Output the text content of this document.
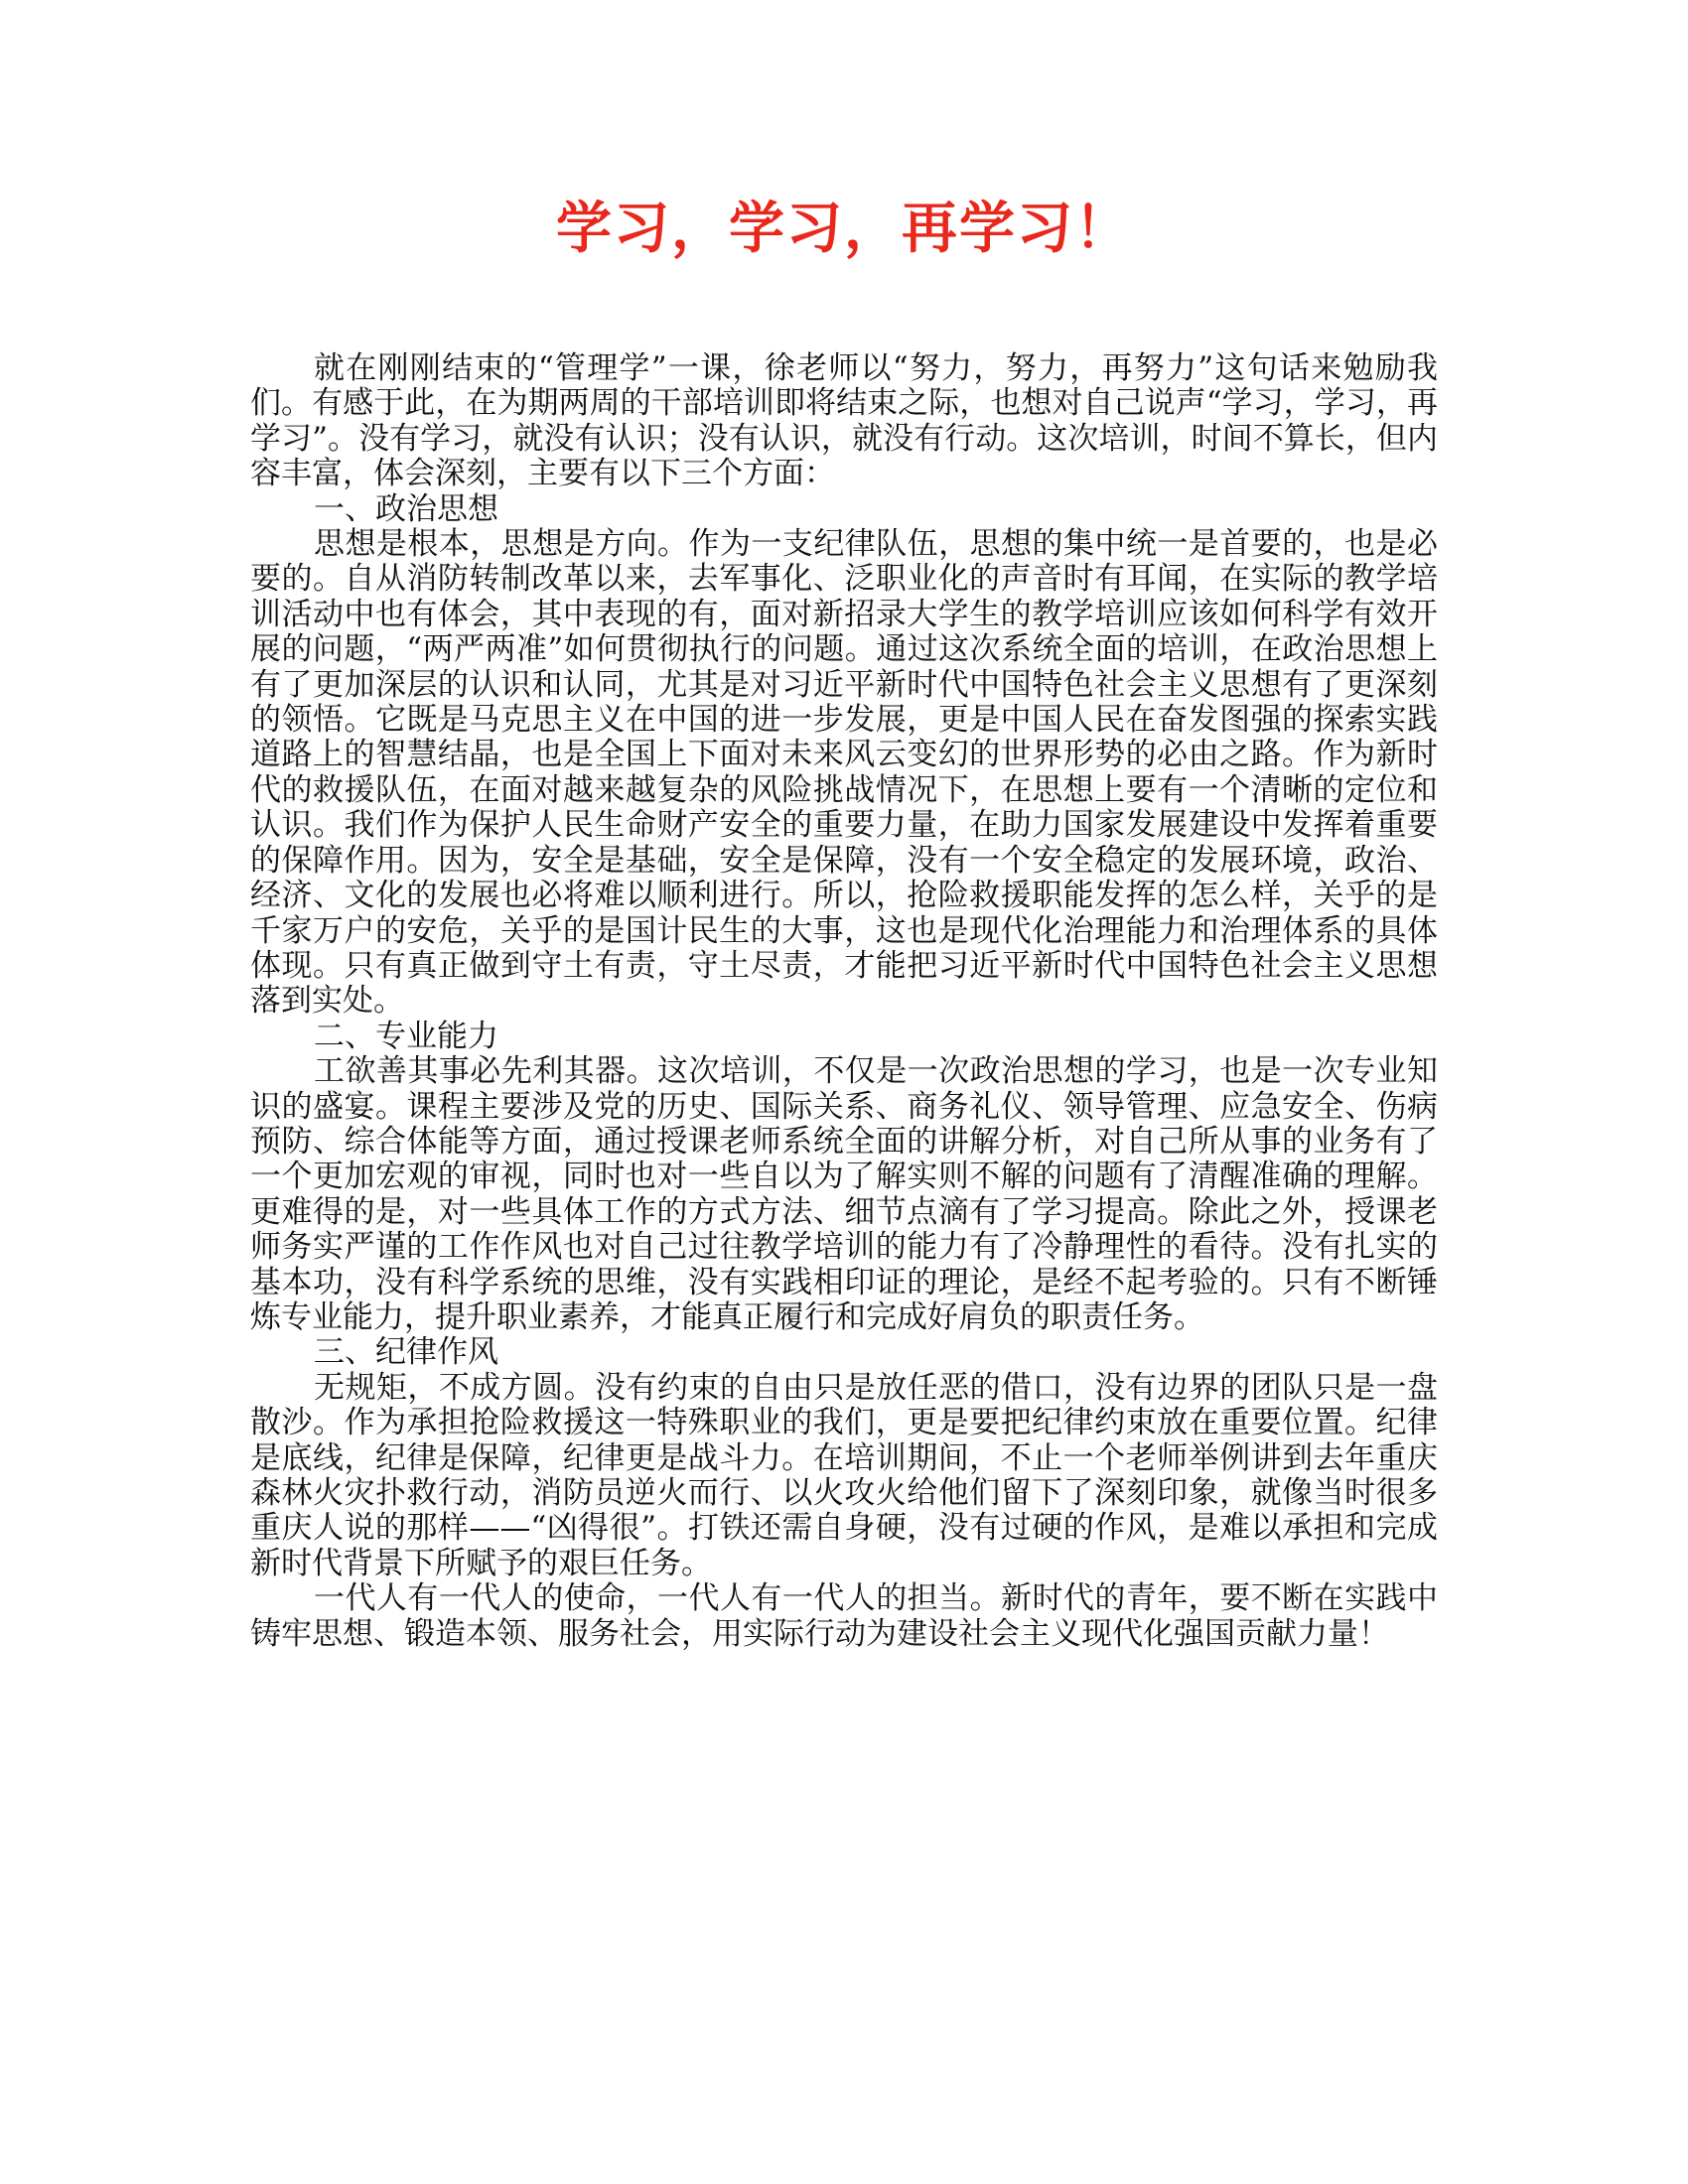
学习，学习，再学习！

就在刚刚结束的“管理学”一课，徐老师以“努力，努力，再努力”这句话来勉励我们。有感于此，在为期两周的干部培训即将结束之际，也想对自己说声“学习，学习，再学习”。没有学习，就没有认识；没有认识，就没有行动。这次培训，时间不算长，但内容丰富，体会深刻，主要有以下三个方面：

一、政治思想

思想是根本，思想是方向。作为一支纪律队伍，思想的集中统一是首要的，也是必要的。自从消防转制改革以来，去军事化、泛职业化的声音时有耳闻，在实际的教学培训活动中也有体会，其中表现的有，面对新招录大学生的教学培训应该如何科学有效开展的问题，“两严两准”如何贯彻执行的问题。通过这次系统全面的培训，在政治思想上有了更加深层的认识和认同，尤其是对习近平新时代中国特色社会主义思想有了更深刻的领悟。它既是马克思主义在中国的进一步发展，更是中国人民在奋发图强的探索实践道路上的智慧结晶，也是全国上下面对未来风云变幻的世界形势的必由之路。作为新时代的救援队伍，在面对越来越复杂的风险挑战情况下，在思想上要有一个清晰的定位和认识。我们作为保护人民生命财产安全的重要力量，在助力国家发展建设中发挥着重要的保障作用。因为，安全是基础，安全是保障，没有一个安全稳定的发展环境，政治、经济、文化的发展也必将难以顺利进行。所以，抢险救援职能发挥的怎么样，关乎的是千家万户的安危，关乎的是国计民生的大事，这也是现代化治理能力和治理体系的具体体现。只有真正做到守土有责，守土尽责，才能把习近平新时代中国特色社会主义思想落到实处。

二、专业能力

工欲善其事必先利其器。这次培训，不仅是一次政治思想的学习，也是一次专业知识的盛宴。课程主要涉及党的历史、国际关系、商务礼仪、领导管理、应急安全、伤病预防、综合体能等方面，通过授课老师系统全面的讲解分析，对自己所从事的业务有了一个更加宏观的审视，同时也对一些自以为了解实则不解的问题有了清醒准确的理解。更难得的是，对一些具体工作的方式方法、细节点滴有了学习提高。除此之外，授课老师务实严谨的工作作风也对自己过往教学培训的能力有了冷静理性的看待。没有扎实的基本功，没有科学系统的思维，没有实践相印证的理论，是经不起考验的。只有不断锤炼专业能力，提升职业素养，才能真正履行和完成好肩负的职责任务。

三、纪律作风

无规矩，不成方圆。没有约束的自由只是放任恶的借口，没有边界的团队只是一盘散沙。作为承担抢险救援这一特殊职业的我们，更是要把纪律约束放在重要位置。纪律是底线，纪律是保障，纪律更是战斗力。在培训期间，不止一个老师举例讲到去年重庆森林火灾扑救行动，消防员逆火而行、以火攻火给他们留下了深刻印象，就像当时很多重庆人说的那样——“凶得很”。打铁还需自身硬，没有过硬的作风，是难以承担和完成新时代背景下所赋予的艰巨任务。

一代人有一代人的使命，一代人有一代人的担当。新时代的青年，要不断在实践中铸牢思想、锻造本领、服务社会，用实际行动为建设社会主义现代化强国贡献力量！
